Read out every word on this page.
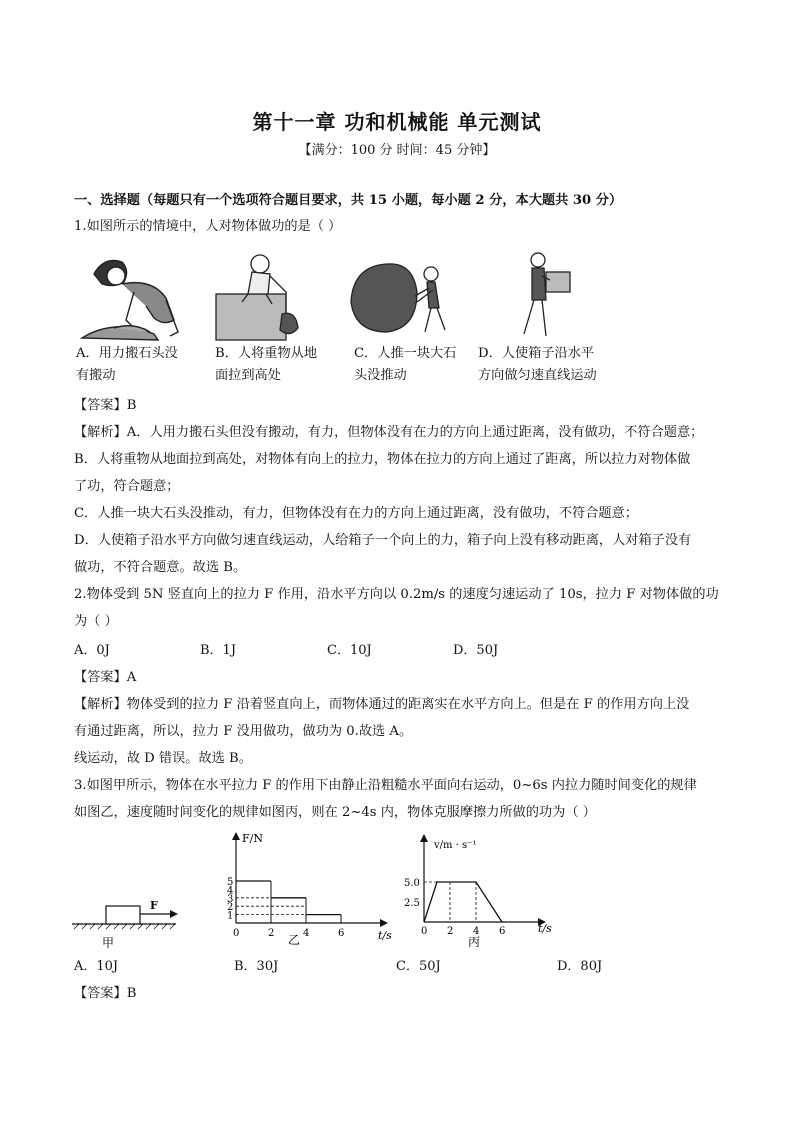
第十一章 功和机械能 单元测试
【满分：100 分 时间：45 分钟】
一、选择题（每题只有一个选项符合题目要求，共 15 小题，每小题 2 分，本大题共 30 分）
1.如图所示的情境中，人对物体做功的是（ ）
A．用力搬石头没
有搬动
B．人将重物从地
面拉到高处
C．人推一块大石
头没推动
D．人使箱子沿水平
方向做匀速直线运动
【答案】B
【解析】A．人用力搬石头但没有搬动，有力，但物体没有在力的方向上通过距离，没有做功，不符合题意；
B．人将重物从地面拉到高处，对物体有向上的拉力，物体在拉力的方向上通过了距离，所以拉力对物体做
了功，符合题意；
C．人推一块大石头没推动，有力，但物体没有在力的方向上通过距离，没有做功，不符合题意；
D．人使箱子沿水平方向做匀速直线运动，人给箱子一个向上的力，箱子向上没有移动距离，人对箱子没有
做功，不符合题意。故选 B。
2.物体受到 5N 竖直向上的拉力 F 作用，沿水平方向以 0.2m/s 的速度匀速运动了 10s，拉力 F 对物体做的功
为（ ）
A．0J	B．1J	C．10J	D．50J
【答案】A
【解析】物体受到的拉力 F 沿着竖直向上，而物体通过的距离实在水平方向上。但是在 F 的作用方向上没
有通过距离，所以，拉力 F 没用做功，做功为 0.故选 A。
线运动，故 D 错误。故选 B。
3.如图甲所示，物体在水平拉力 F 的作用下由静止沿粗糙水平面向右运动，0~6s 内拉力随时间变化的规律
如图乙，速度随时间变化的规律如图丙，则在 2~4s 内，物体克服摩擦力所做的功为（ ）
F
甲
F/N
t/s
乙
1
2
3
4
5
0	2	4	6
v/m · s⁻¹
t/s
丙
2.5
5.0
0 2 4 6
A．10J	B．30J	C．50J	D．80J
【答案】B
